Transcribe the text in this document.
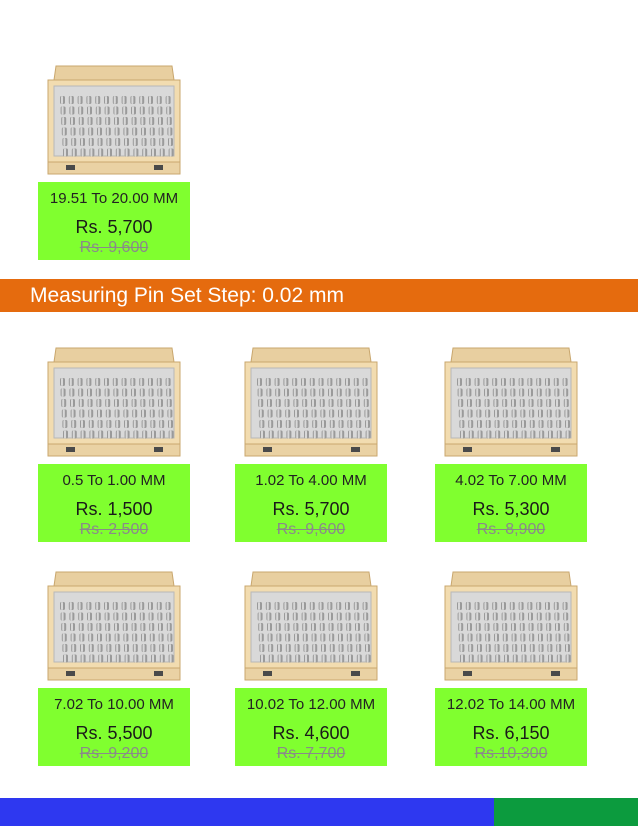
19.51 To 20.00 MM
Rs. 5,700
Rs. 9,600
Measuring Pin Set Step: 0.02 mm
0.5 To 1.00 MM
Rs. 1,500
Rs. 2,500
1.02 To 4.00 MM
Rs. 5,700
Rs. 9,600
4.02 To 7.00 MM
Rs. 5,300
Rs. 8,900
7.02 To 10.00 MM
Rs. 5,500
Rs. 9,200
10.02 To 12.00 MM
Rs. 4,600
Rs. 7,700
12.02 To 14.00 MM
Rs. 6,150
Rs.10,300
